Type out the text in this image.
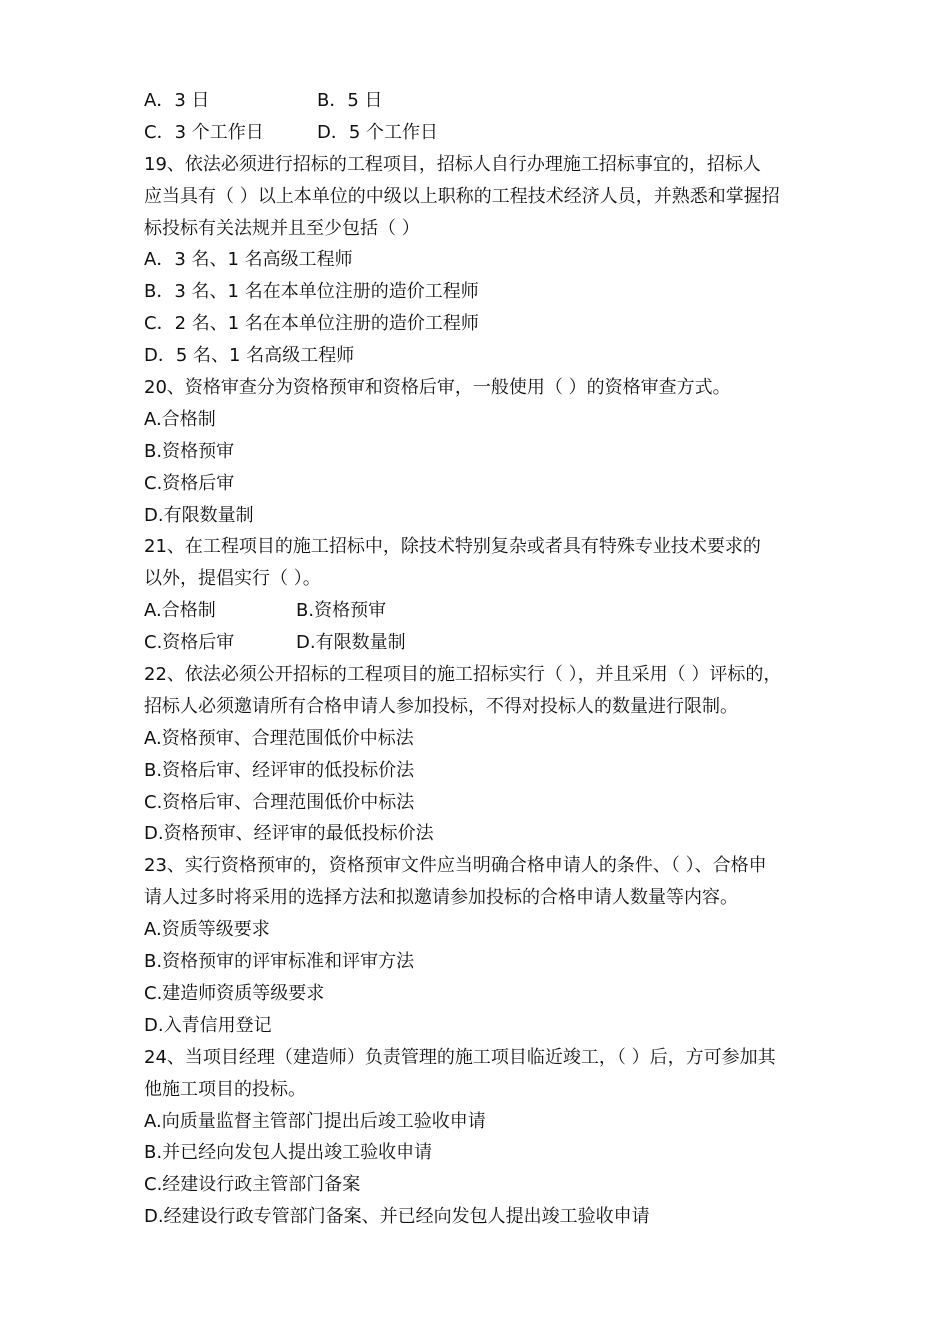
A．3 日	B．5 日
C．3 个工作日	D．5 个工作日
19、依法必须进行招标的工程项目，招标人自行办理施工招标事宜的，招标人
应当具有（ ）以上本单位的中级以上职称的工程技术经济人员，并熟悉和掌握招
标投标有关法规并且至少包括（ ）
A．3 名、1 名高级工程师
B．3 名、1 名在本单位注册的造价工程师
C．2 名、1 名在本单位注册的造价工程师
D．5 名、1 名高级工程师
20、资格审查分为资格预审和资格后审，一般使用（ ）的资格审查方式。
A.合格制
B.资格预审
C.资格后审
D.有限数量制
21、在工程项目的施工招标中，除技术特别复杂或者具有特殊专业技术要求的
以外，提倡实行（ ）。
A.合格制	B.资格预审
C.资格后审	D.有限数量制
22、依法必须公开招标的工程项目的施工招标实行（ ），并且采用（ ）评标的，
招标人必须邀请所有合格申请人参加投标，不得对投标人的数量进行限制。
A.资格预审、合理范围低价中标法
B.资格后审、经评审的低投标价法
C.资格后审、合理范围低价中标法
D.资格预审、经评审的最低投标价法
23、实行资格预审的，资格预审文件应当明确合格申请人的条件、（ ）、合格申
请人过多时将采用的选择方法和拟邀请参加投标的合格申请人数量等内容。
A.资质等级要求
B.资格预审的评审标准和评审方法
C.建造师资质等级要求
D.入青信用登记
24、当项目经理（建造师）负责管理的施工项目临近竣工，（ ）后，方可参加其
他施工项目的投标。
A.向质量监督主管部门提出后竣工验收申请
B.并已经向发包人提出竣工验收申请
C.经建设行政主管部门备案
D.经建设行政专管部门备案、并已经向发包人提出竣工验收申请
